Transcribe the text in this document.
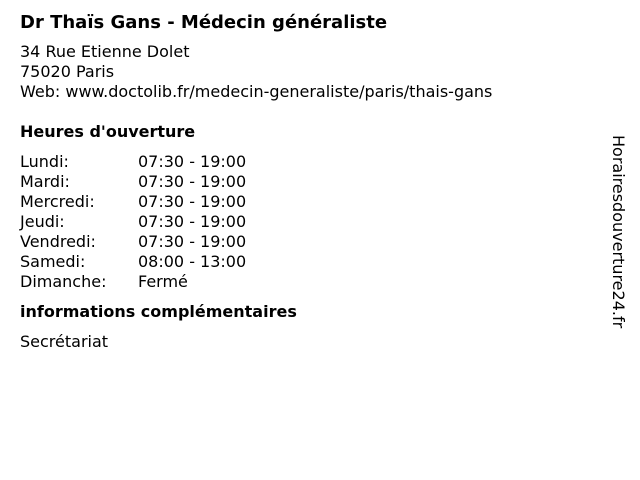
Dr Thaïs Gans - Médecin généraliste
34 Rue Etienne Dolet
75020 Paris
Web: www.doctolib.fr/medecin-generaliste/paris/thais-gans
Heures d'ouverture
Lundi:	07:30 - 19:00
Mardi:	07:30 - 19:00
Mercredi:	07:30 - 19:00
Jeudi:	07:30 - 19:00
Vendredi:	07:30 - 19:00
Samedi:	08:00 - 13:00
Dimanche:	Fermé
informations complémentaires
Secrétariat
Horairesdouverture24.fr
